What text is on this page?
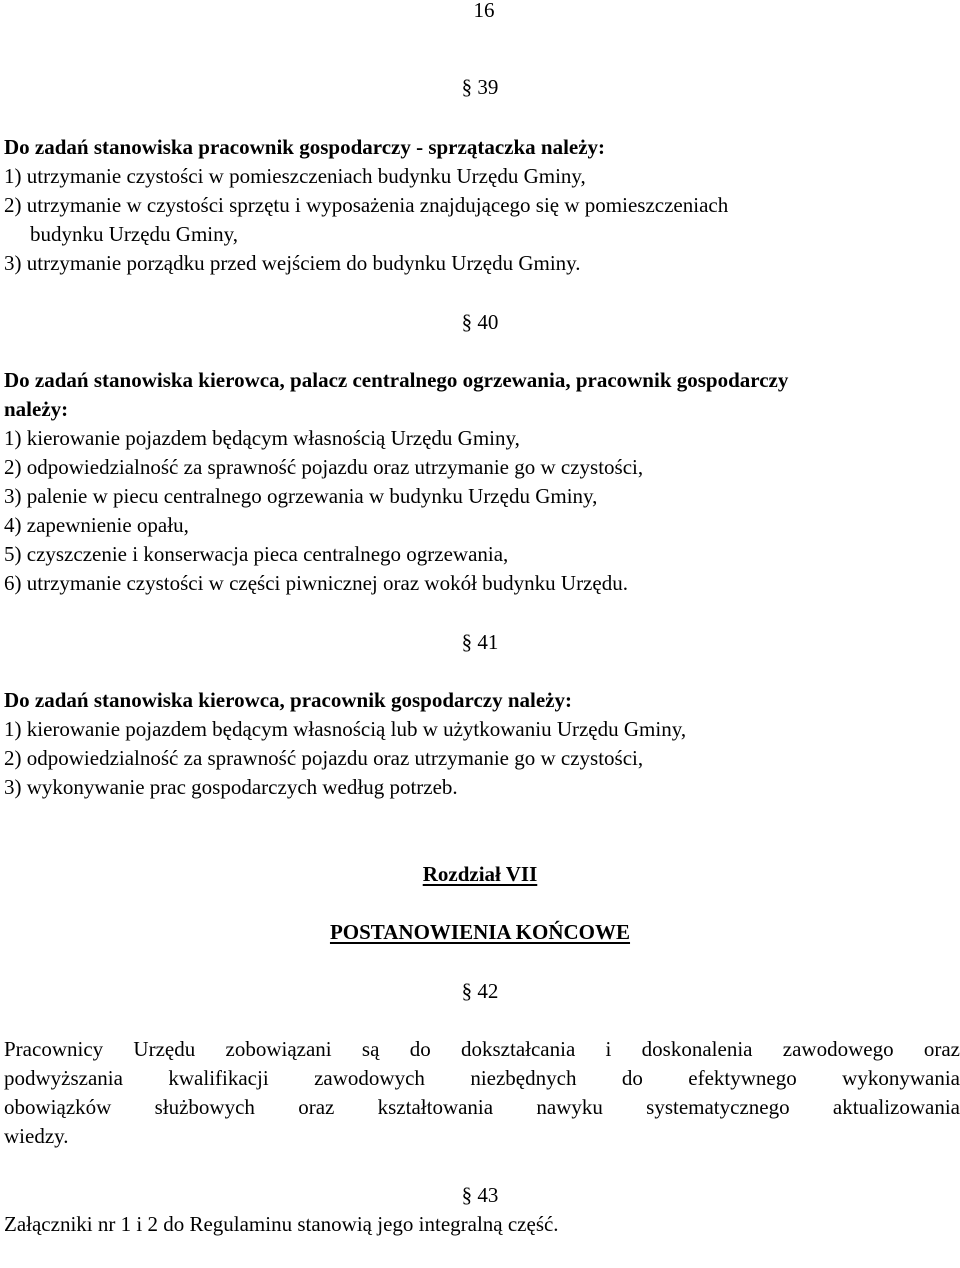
16
§ 39
Do zadań stanowiska pracownik gospodarczy - sprzątaczka należy:
1) utrzymanie czystości w pomieszczeniach budynku Urzędu Gminy,
2) utrzymanie w czystości sprzętu i wyposażenia znajdującego się w pomieszczeniach
budynku Urzędu Gminy,
3) utrzymanie porządku przed wejściem do budynku Urzędu Gminy.
§ 40
Do zadań stanowiska kierowca, palacz centralnego ogrzewania, pracownik gospodarczy
należy:
1) kierowanie pojazdem będącym własnością Urzędu Gminy,
2) odpowiedzialność za sprawność pojazdu oraz utrzymanie go w czystości,
3) palenie w piecu centralnego ogrzewania w budynku Urzędu Gminy,
4) zapewnienie opału,
5) czyszczenie i konserwacja pieca centralnego ogrzewania,
6) utrzymanie czystości w części piwnicznej oraz wokół budynku Urzędu.
§ 41
Do zadań stanowiska kierowca, pracownik gospodarczy należy:
1) kierowanie pojazdem będącym własnością lub w użytkowaniu Urzędu Gminy,
2) odpowiedzialność za sprawność pojazdu oraz utrzymanie go w czystości,
3) wykonywanie prac gospodarczych według potrzeb.
Rozdział VII
POSTANOWIENIA KOŃCOWE
§ 42
Pracownicy Urzędu zobowiązani są do dokształcania i doskonalenia zawodowego oraz
podwyższania kwalifikacji zawodowych niezbędnych do efektywnego wykonywania
obowiązków służbowych oraz kształtowania nawyku systematycznego aktualizowania
wiedzy.
§ 43
Załączniki nr 1 i 2 do Regulaminu stanowią jego integralną część.
